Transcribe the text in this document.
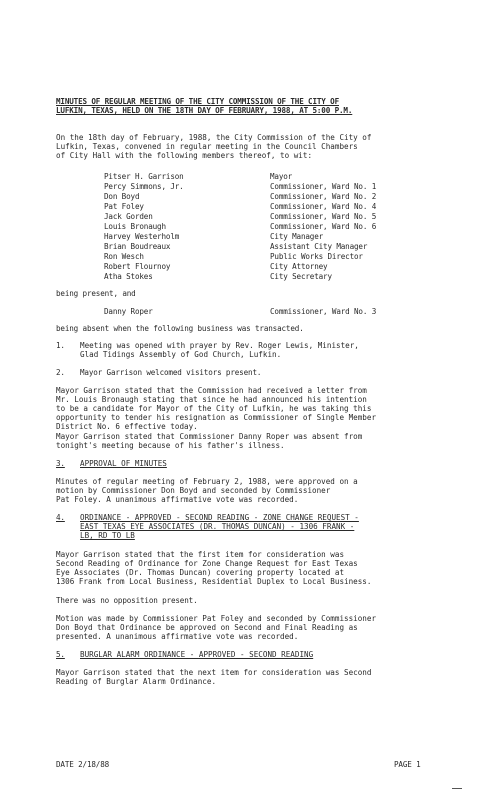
MINUTES OF REGULAR MEETING OF THE CITY COMMISSION OF THE CITY OF
LUFKIN, TEXAS, HELD ON THE 18TH DAY OF FEBRUARY, 1988, AT 5:00 P.M.

On the 18th day of February, 1988, the City Commission of the City of
Lufkin, Texas, convened in regular meeting in the Council Chambers
of City Hall with the following members thereof, to wit:

Pitser H. Garrison	Mayor
Percy Simmons, Jr.	Commissioner, Ward No. 1
Don Boyd	Commissioner, Ward No. 2
Pat Foley	Commissioner, Ward No. 4
Jack Gorden	Commissioner, Ward No. 5
Louis Bronaugh	Commissioner, Ward No. 6
Harvey Westerholm	City Manager
Brian Boudreaux	Assistant City Manager
Ron Wesch	Public Works Director
Robert Flournoy	City Attorney
Atha Stokes	City Secretary
being present, and
Danny Roper	Commissioner, Ward No. 3
being absent when the following business was transacted.
1. Meeting was opened with prayer by Rev. Roger Lewis, Minister,
Glad Tidings Assembly of God Church, Lufkin.

2. Mayor Garrison welcomed visitors present.

Mayor Garrison stated that the Commission had received a letter from
Mr. Louis Bronaugh stating that since he had announced his intention
to be a candidate for Mayor of the City of Lufkin, he was taking this
opportunity to tender his resignation as Commissioner of Single Member
District No. 6 effective today.

Mayor Garrison stated that Commissioner Danny Roper was absent from
tonight's meeting because of his father's illness.

3. APPROVAL OF MINUTES

Minutes of regular meeting of February 2, 1988, were approved on a
motion by Commissioner Don Boyd and seconded by Commissioner
Pat Foley. A unanimous affirmative vote was recorded.

4. ORDINANCE - APPROVED - SECOND READING - ZONE CHANGE REQUEST -
EAST TEXAS EYE ASSOCIATES (DR. THOMAS DUNCAN) - 1306 FRANK -
LB, RD TO LB

Mayor Garrison stated that the first item for consideration was
Second Reading of Ordinance for Zone Change Request for East Texas
Eye Associates (Dr. Thomas Duncan) covering property located at
1306 Frank from Local Business, Residential Duplex to Local Business.

There was no opposition present.

Motion was made by Commissioner Pat Foley and seconded by Commissioner
Don Boyd that Ordinance be approved on Second and Final Reading as
presented. A unanimous affirmative vote was recorded.

5. BURGLAR ALARM ORDINANCE - APPROVED - SECOND READING

Mayor Garrison stated that the next item for consideration was Second
Reading of Burglar Alarm Ordinance.

DATE 2/18/88	PAGE 1
